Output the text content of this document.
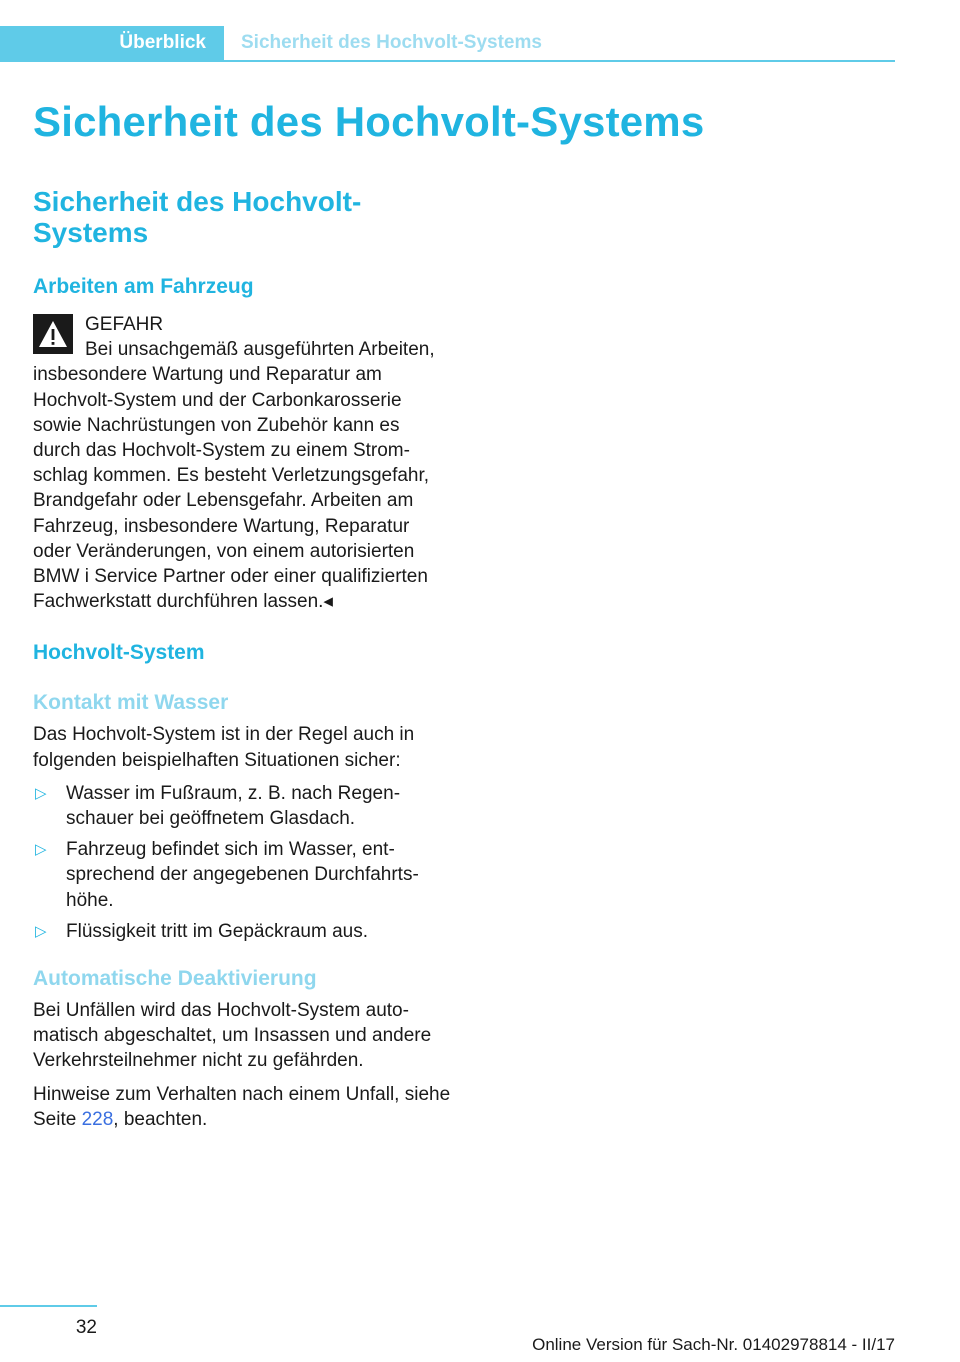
Überblick	Sicherheit des Hochvolt-Systems
Sicherheit des Hochvolt-Systems
Sicherheit des Hochvolt-
Systems
Arbeiten am Fahrzeug
GEFAHR
Bei unsachgemäß ausgeführten Arbeiten, insbesondere Wartung und Reparatur am Hochvolt-System und der Carbonkarosserie sowie Nachrüstungen von Zubehör kann es durch das Hochvolt-System zu einem Stromschlag kommen. Es besteht Verletzungsgefahr, Brandgefahr oder Lebensgefahr. Arbeiten am Fahrzeug, insbesondere Wartung, Reparatur oder Veränderungen, von einem autorisierten BMW i Service Partner oder einer qualifizierten Fachwerkstatt durchführen lassen.◂
Hochvolt-System
Kontakt mit Wasser

Das Hochvolt-System ist in der Regel auch in folgenden beispielhaften Situationen sicher:

▷ Wasser im Fußraum, z. B. nach Regenschauer bei geöffnetem Glasdach.
▷ Fahrzeug befindet sich im Wasser, entsprechend der angegebenen Durchfahrtshöhe.
▷ Flüssigkeit tritt im Gepäckraum aus.
Automatische Deaktivierung

Bei Unfällen wird das Hochvolt-System automatisch abgeschaltet, um Insassen und andere Verkehrsteilnehmer nicht zu gefährden.

Hinweise zum Verhalten nach einem Unfall, siehe Seite 228, beachten.

32
Online Version für Sach-Nr. 01402978814 - II/17
